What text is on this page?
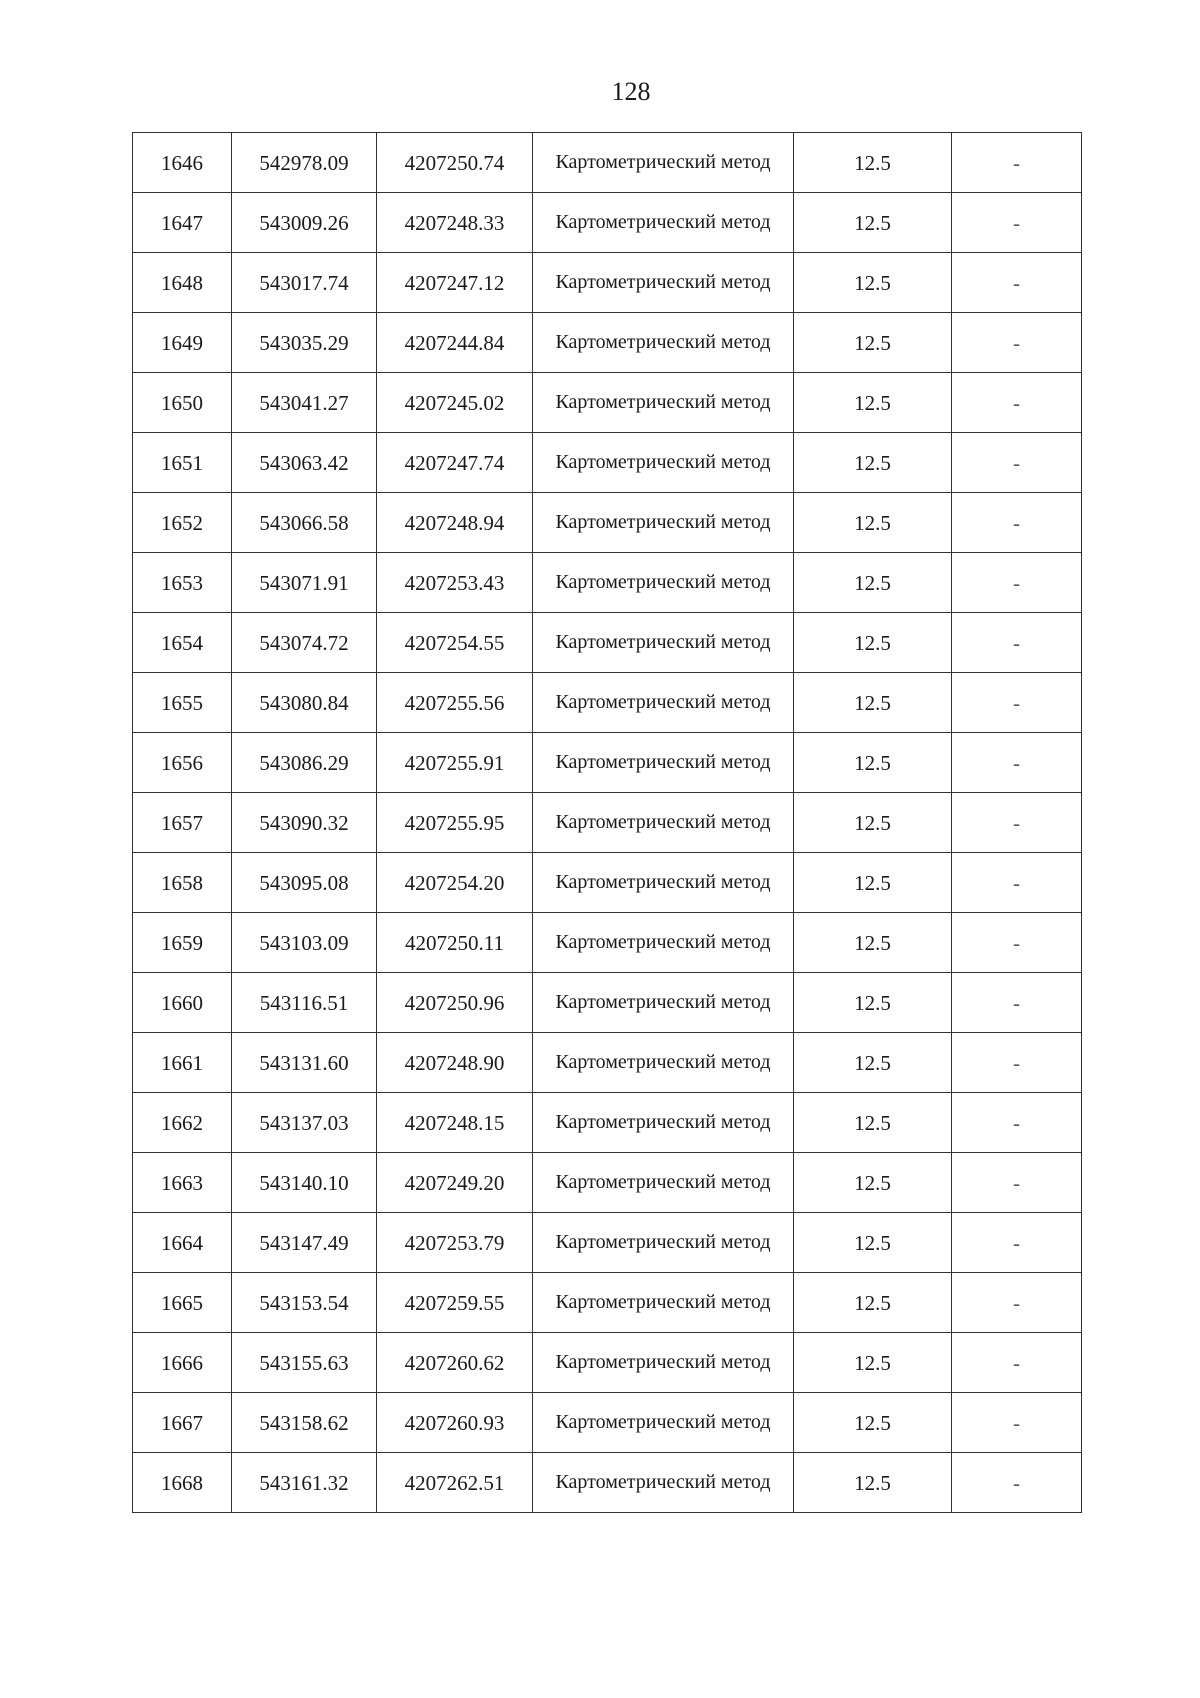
128
1646	542978.09	4207250.74	Картометрический метод	12.5	-
1647	543009.26	4207248.33	Картометрический метод	12.5	-
1648	543017.74	4207247.12	Картометрический метод	12.5	-
1649	543035.29	4207244.84	Картометрический метод	12.5	-
1650	543041.27	4207245.02	Картометрический метод	12.5	-
1651	543063.42	4207247.74	Картометрический метод	12.5	-
1652	543066.58	4207248.94	Картометрический метод	12.5	-
1653	543071.91	4207253.43	Картометрический метод	12.5	-
1654	543074.72	4207254.55	Картометрический метод	12.5	-
1655	543080.84	4207255.56	Картометрический метод	12.5	-
1656	543086.29	4207255.91	Картометрический метод	12.5	-
1657	543090.32	4207255.95	Картометрический метод	12.5	-
1658	543095.08	4207254.20	Картометрический метод	12.5	-
1659	543103.09	4207250.11	Картометрический метод	12.5	-
1660	543116.51	4207250.96	Картометрический метод	12.5	-
1661	543131.60	4207248.90	Картометрический метод	12.5	-
1662	543137.03	4207248.15	Картометрический метод	12.5	-
1663	543140.10	4207249.20	Картометрический метод	12.5	-
1664	543147.49	4207253.79	Картометрический метод	12.5	-
1665	543153.54	4207259.55	Картометрический метод	12.5	-
1666	543155.63	4207260.62	Картометрический метод	12.5	-
1667	543158.62	4207260.93	Картометрический метод	12.5	-
1668	543161.32	4207262.51	Картометрический метод	12.5	-
